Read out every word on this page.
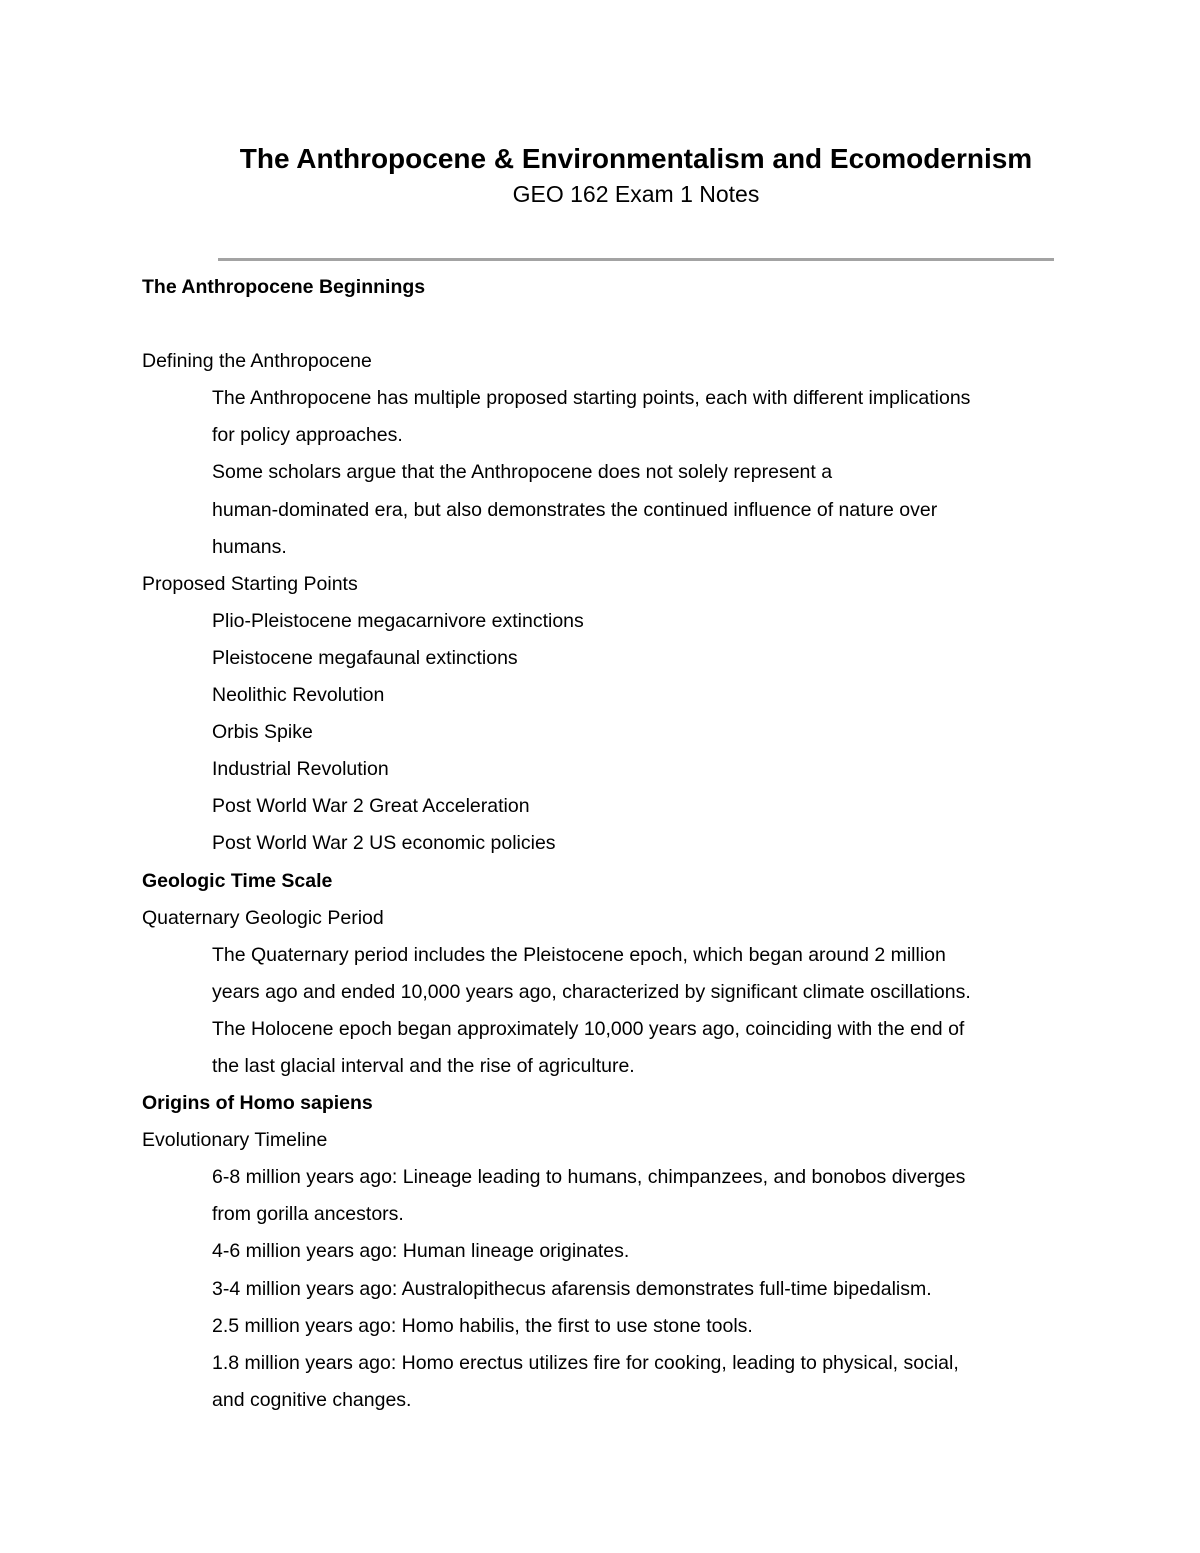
The Anthropocene & Environmentalism and Ecomodernism
GEO 162 Exam 1 Notes
The Anthropocene Beginnings
Defining the Anthropocene
The Anthropocene has multiple proposed starting points, each with different implications
for policy approaches.
Some scholars argue that the Anthropocene does not solely represent a
human-dominated era, but also demonstrates the continued influence of nature over
humans.
Proposed Starting Points
Plio-Pleistocene megacarnivore extinctions
Pleistocene megafaunal extinctions
Neolithic Revolution
Orbis Spike
Industrial Revolution
Post World War 2 Great Acceleration
Post World War 2 US economic policies
Geologic Time Scale
Quaternary Geologic Period
The Quaternary period includes the Pleistocene epoch, which began around 2 million
years ago and ended 10,000 years ago, characterized by significant climate oscillations.
The Holocene epoch began approximately 10,000 years ago, coinciding with the end of
the last glacial interval and the rise of agriculture.
Origins of Homo sapiens
Evolutionary Timeline
6-8 million years ago: Lineage leading to humans, chimpanzees, and bonobos diverges
from gorilla ancestors.
4-6 million years ago: Human lineage originates.
3-4 million years ago: Australopithecus afarensis demonstrates full-time bipedalism.
2.5 million years ago: Homo habilis, the first to use stone tools.
1.8 million years ago: Homo erectus utilizes fire for cooking, leading to physical, social,
and cognitive changes.
